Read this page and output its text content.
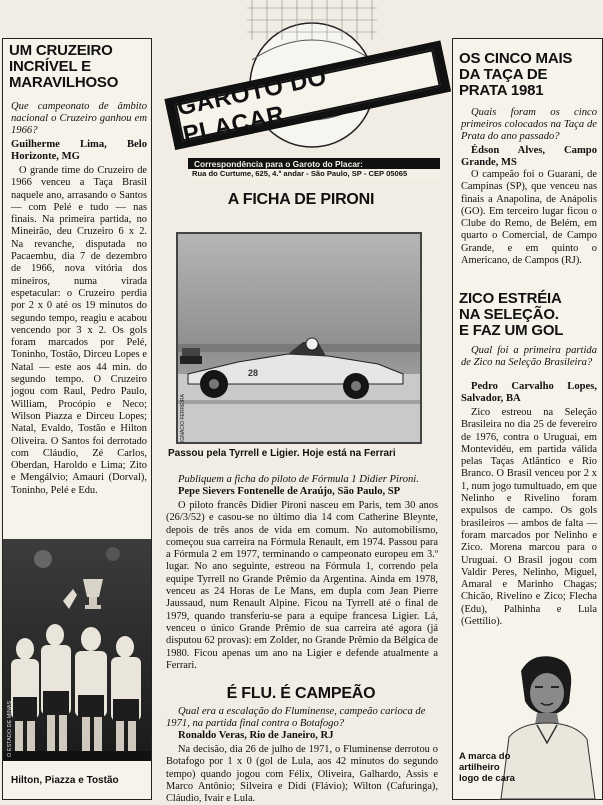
UM CRUZEIRO
INCRÍVEL E
MARAVILHOSO

Que campeonato de âmbito nacional o Cruzeiro ganhou em 1966?

Guilherme Lima, Belo Horizonte, MG

O grande time do Cruzeiro de 1966 venceu a Taça Brasil naquele ano, arrasando o Santos — com Pelé e tudo — nas finais. Na primeira partida, no Mineirão, deu Cruzeiro 6 x 2. Na revanche, disputada no Pacaembu, dia 7 de dezembro de 1966, nova vitória dos mineiros, numa virada espetacular: o Cruzeiro perdia por 2 x 0 até os 19 minutos do segundo tempo, reagiu e acabou vencendo por 3 x 2. Os gols foram marcados por Pelé, Toninho, Tostão, Dirceu Lopes e Natal — este aos 44 min. do segundo tempo. O Cruzeiro jogou com Raul, Pedro Paulo, William, Procópio e Neco; Wilson Piazza e Dirceu Lopes; Natal, Evaldo, Tostão e Hilton Oliveira. O Santos foi derrotado com Cláudio, Zé Carlos, Oberdan, Haroldo e Lima; Zito e Mengálvio; Amauri (Dorval), Toninho, Pelé e Edu.

O ESTADO DE MINAS
Hilton, Piazza e Tostão
GAROTO DO PLACAR
Correspondência para o Garoto do Placar:
Rua do Curtume, 625, 4.º andar - São Paulo, SP - CEP 05065
A FICHA DE PIRONI
28
IGNACIO FERREIRA
Passou pela Tyrrell e Ligier. Hoje está na Ferrari

Publiquem a ficha do piloto de Fórmula 1 Didier Pironi.

Pepe Sievers Fontenelle de Araújo, São Paulo, SP

O piloto francês Didier Pironi nasceu em Paris, tem 30 anos (26/3/52) e casou-se no último dia 14 com Catherine Bleynte, depois de três anos de vida em comum. No automobilismo, começou sua carreira na Fórmula Renault, em 1974. Passou para a Fórmula 2 em 1977, terminando o campeonato europeu em 3.º lugar. No ano seguinte, estreou na Fórmula 1, correndo pela equipe Tyrrell no Grande Prêmio da Argentina. Ainda em 1978, venceu as 24 Horas de Le Mans, em dupla com Jean Pierre Jaussaud, num Renault Alpine. Ficou na Tyrrell até o final de 1979, quando transferiu-se para a equipe francesa Ligier. Lá, venceu o único Grande Prêmio de sua carreira até agora (já disputou 62 provas): em Zolder, no Grande Prêmio da Bélgica de 1980. Ficou apenas um ano na Ligier e defende atualmente a Ferrari.

É FLU. É CAMPEÃO

Qual era a escalação do Fluminense, campeão carioca de 1971, na partida final contra o Botafogo?

Ronaldo Veras, Rio de Janeiro, RJ

Na decisão, dia 26 de julho de 1971, o Fluminense derrotou o Botafogo por 1 x 0 (gol de Lula, aos 42 minutos do segundo tempo) quando jogou com Félix, Oliveira, Galhardo, Assis e Marco Antônio; Silveira e Didi (Flávio); Wilton (Cafuringa), Cláudio, Ivair e Lula.

OS CINCO MAIS
DA TAÇA DE
PRATA 1981

Quais foram os cinco primeiros colocados na Taça de Prata do ano passado?

Édson Alves, Campo Grande, MS

O campeão foi o Guarani, de Campinas (SP), que venceu nas finais a Anapolina, de Anápolis (GO). Em terceiro lugar ficou o Clube do Remo, de Belém, em quarto o Comercial, de Campo Grande, e em quinto o Americano, de Campos (RJ).

ZICO ESTRÉIA
NA SELEÇÃO.
E FAZ UM GOL

Qual foi a primeira partida de Zico na Seleção Brasileira?

Pedro Carvalho Lopes, Salvador, BA

Zico estreou na Seleção Brasileira no dia 25 de fevereiro de 1976, contra o Uruguai, em Montevidéu, em partida válida pelas Taças Atlântico e Rio Branco. O Brasil venceu por 2 x 1, num jogo tumultuado, em que Nelinho e Rivelino foram expulsos de campo. Os gols brasileiros — ambos de falta — foram marcados por Nelinho e Zico. Morena marcou para o Uruguai. O Brasil jogou com Valdir Peres, Nelinho, Miguel, Amaral e Marinho Chagas; Chicão, Rivelino e Zico; Flecha (Edu), Palhinha e Lula (Gettílio).

A marca do
artilheiro
logo de cara
